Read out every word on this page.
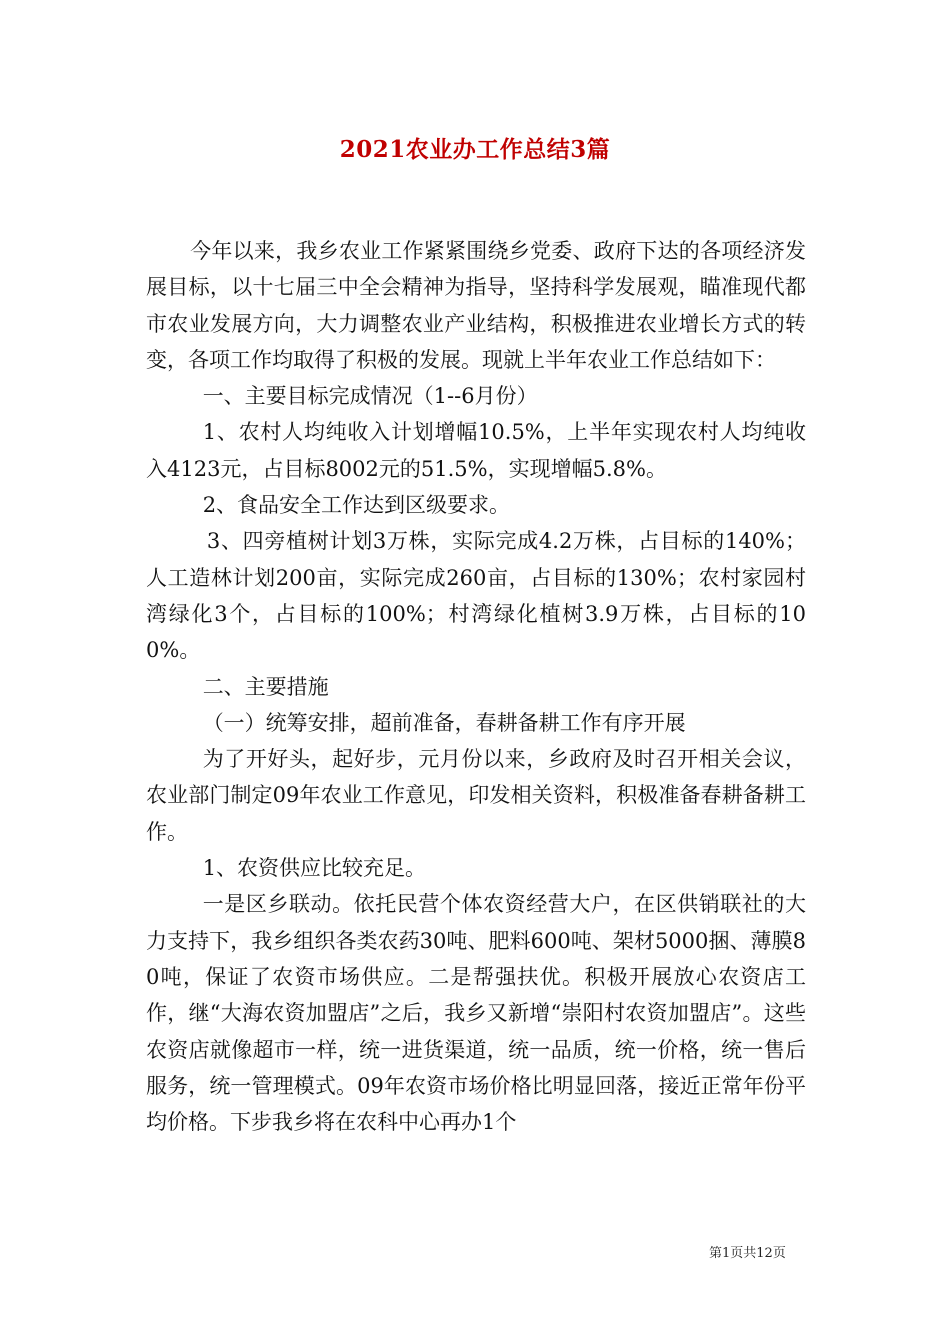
2021农业办工作总结3篇

今年以来，我乡农业工作紧紧围绕乡党委、政府下达的各项经济发展目标，以十七届三中全会精神为指导，坚持科学发展观，瞄准现代都市农业发展方向，大力调整农业产业结构，积极推进农业增长方式的转变，各项工作均取得了积极的发展。现就上半年农业工作总结如下：

一、主要目标完成情况（1--6月份）

1、农村人均纯收入计划增幅10.5%，上半年实现农村人均纯收入4123元，占目标8002元的51.5%，实现增幅5.8%。

2、食品安全工作达到区级要求。

3、四旁植树计划3万株，实际完成4.2万株，占目标的140%；人工造林计划200亩，实际完成260亩，占目标的130%；农村家园村湾绿化3个，占目标的100%；村湾绿化植树3.9万株，占目标的100%。

二、主要措施

（一）统筹安排，超前准备，春耕备耕工作有序开展

为了开好头，起好步，元月份以来，乡政府及时召开相关会议，农业部门制定09年农业工作意见，印发相关资料，积极准备春耕备耕工作。

1、农资供应比较充足。

一是区乡联动。依托民营个体农资经营大户，在区供销联社的大力支持下，我乡组织各类农药30吨、肥料600吨、架材5000捆、薄膜80吨，保证了农资市场供应。二是帮强扶优。积极开展放心农资店工作，继“大海农资加盟店”之后，我乡又新增“崇阳村农资加盟店”。这些农资店就像超市一样，统一进货渠道，统一品质，统一价格，统一售后服务，统一管理模式。09年农资市场价格比明显回落，接近正常年份平均价格。下步我乡将在农科中心再办1个

第1页共12页
